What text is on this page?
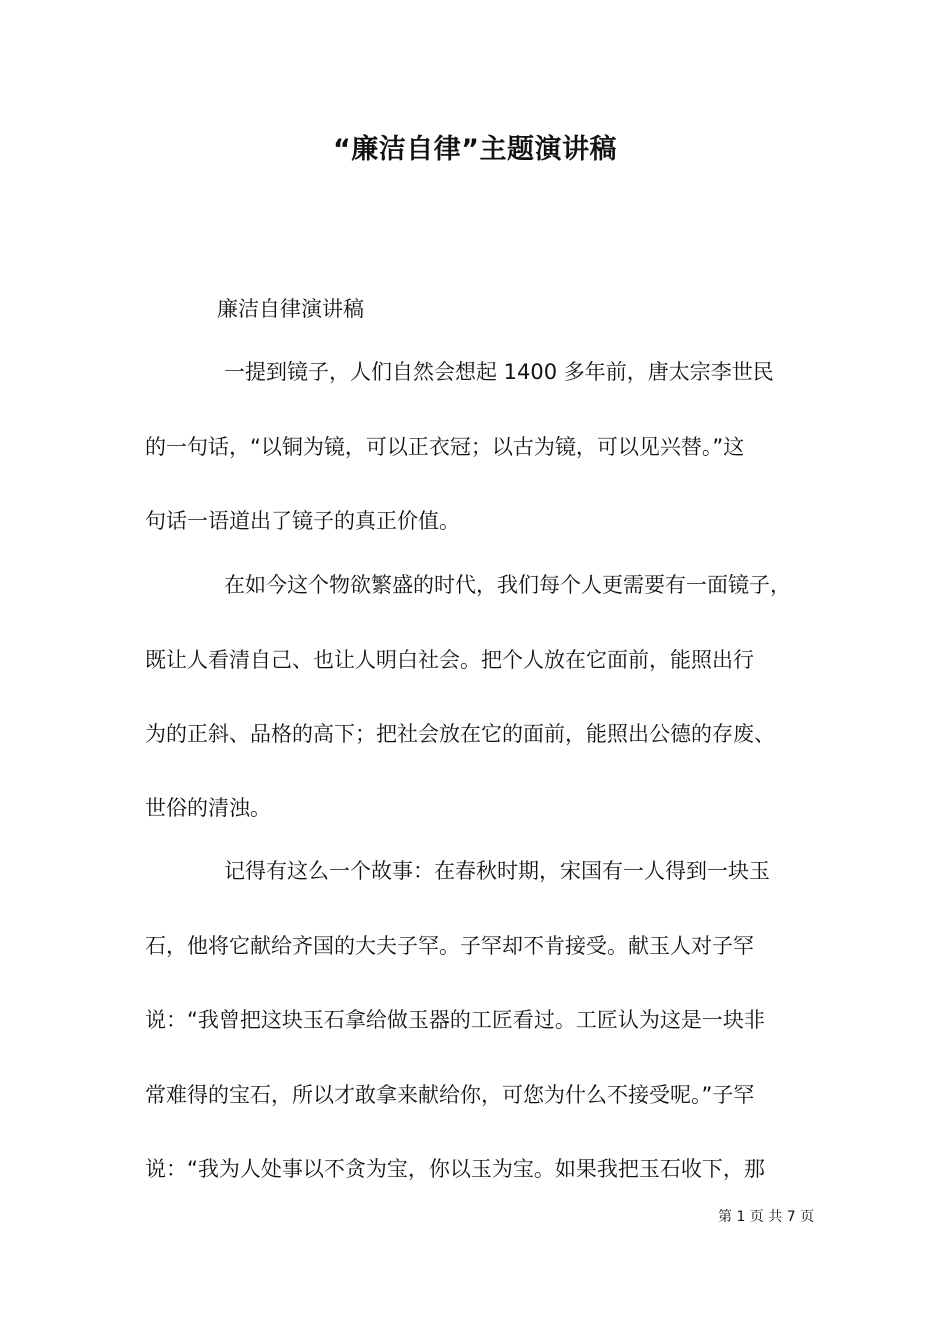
“廉洁自律”主题演讲稿
廉洁自律演讲稿
一提到镜子，人们自然会想起 1400 多年前，唐太宗李世民
的一句话，“以铜为镜，可以正衣冠；以古为镜，可以见兴替。”这
句话一语道出了镜子的真正价值。
在如今这个物欲繁盛的时代，我们每个人更需要有一面镜子，
既让人看清自己、也让人明白社会。把个人放在它面前，能照出行
为的正斜、品格的高下；把社会放在它的面前，能照出公德的存废、
世俗的清浊。
记得有这么一个故事：在春秋时期，宋国有一人得到一块玉
石，他将它献给齐国的大夫子罕。子罕却不肯接受。献玉人对子罕
说：“我曾把这块玉石拿给做玉器的工匠看过。工匠认为这是一块非
常难得的宝石，所以才敢拿来献给你，可您为什么不接受呢。”子罕
说：“我为人处事以不贪为宝，你以玉为宝。如果我把玉石收下，那
第 1 页 共 7 页
